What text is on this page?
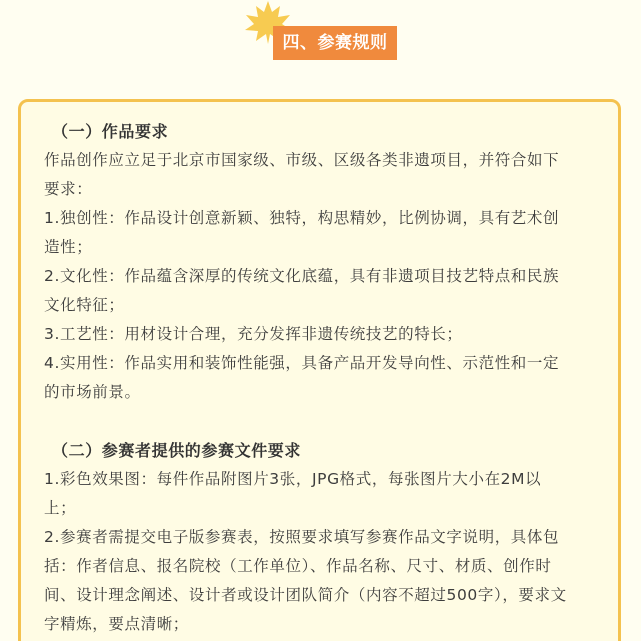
四、参赛规则

（一）作品要求

作品创作应立足于北京市国家级、市级、区级各类非遗项目，并符合如下

要求：

1.独创性：作品设计创意新颖、独特，构思精妙，比例协调，具有艺术创

造性；

2.文化性：作品蕴含深厚的传统文化底蕴，具有非遗项目技艺特点和民族

文化特征；

3.工艺性：用材设计合理，充分发挥非遗传统技艺的特长；

4.实用性：作品实用和装饰性能强，具备产品开发导向性、示范性和一定

的市场前景。

（二）参赛者提供的参赛文件要求

1.彩色效果图：每件作品附图片3张，JPG格式，每张图片大小在2M以

上；

2.参赛者需提交电子版参赛表，按照要求填写参赛作品文字说明，具体包

括：作者信息、报名院校（工作单位）、作品名称、尺寸、材质、创作时

间、设计理念阐述、设计者或设计团队简介（内容不超过500字），要求文

字精炼，要点清晰；
